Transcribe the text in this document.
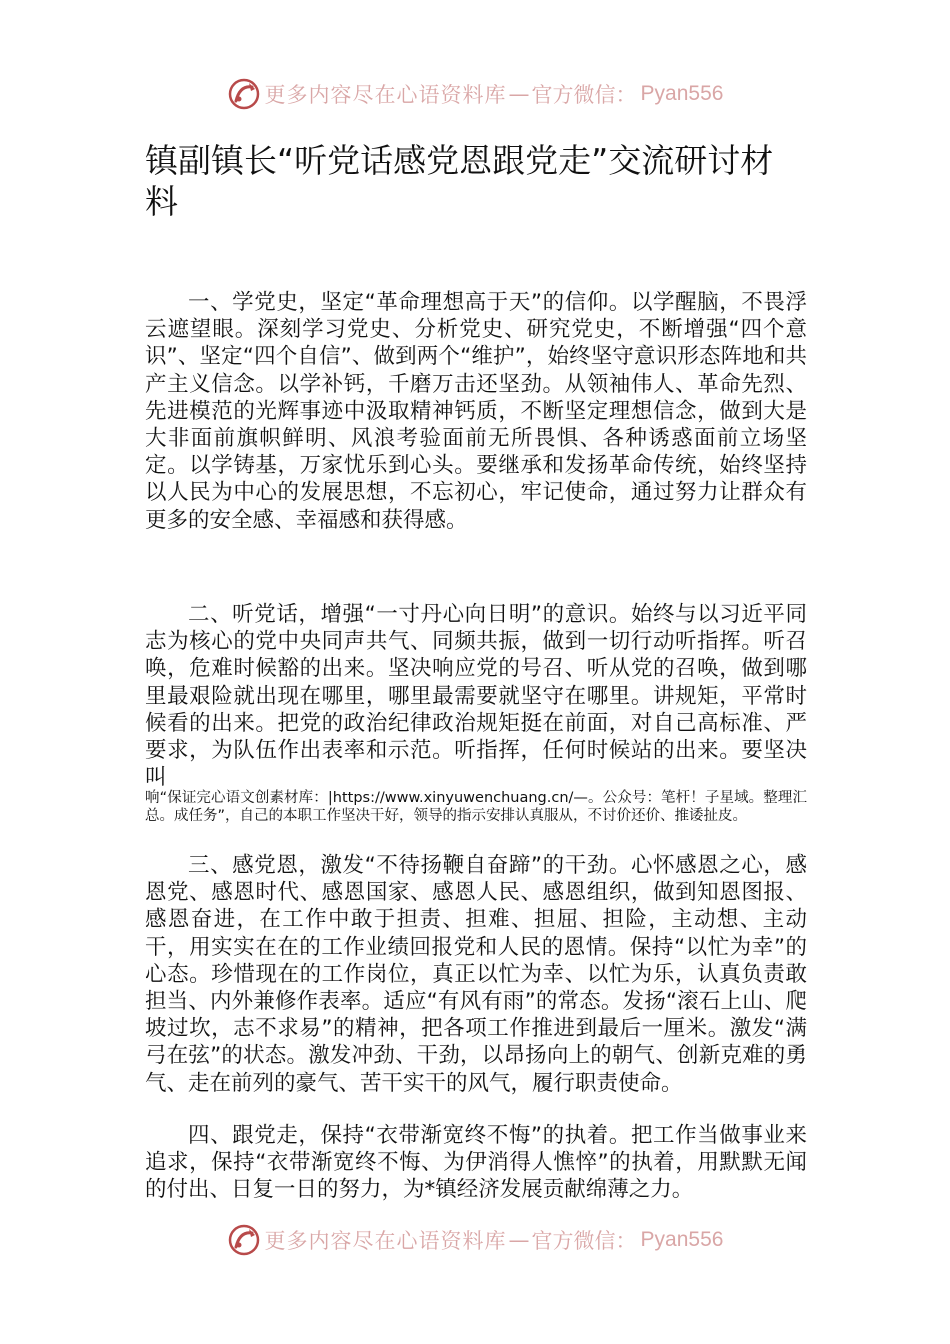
更多内容尽在心语资料库 — 官方微信： Pyan556
镇副镇长“听党话感党恩跟党走”交流研讨材料

一、学党史，坚定“革命理想高于天”的信仰。以学醒脑，不畏浮云遮望眼。深刻学习党史、分析党史、研究党史，不断增强“四个意识”、坚定“四个自信”、做到两个“维护”，始终坚守意识形态阵地和共产主义信念。以学补钙，千磨万击还坚劲。从领袖伟人、革命先烈、先进模范的光辉事迹中汲取精神钙质，不断坚定理想信念，做到大是大非面前旗帜鲜明、风浪考验面前无所畏惧、各种诱惑面前立场坚定。以学铸基，万家忧乐到心头。要继承和发扬革命传统，始终坚持以人民为中心的发展思想，不忘初心，牢记使命，通过努力让群众有更多的安全感、幸福感和获得感。

二、听党话，增强“一寸丹心向日明”的意识。始终与以习近平同志为核心的党中央同声共气、同频共振，做到一切行动听指挥。听召唤，危难时候豁的出来。坚决响应党的号召、听从党的召唤，做到哪里最艰险就出现在哪里，哪里最需要就坚守在哪里。讲规矩，平常时候看的出来。把党的政治纪律政治规矩挺在前面，对自己高标准、严要求，为队伍作出表率和示范。听指挥，任何时候站的出来。要坚决叫

响“保证完心语文创素材库：|https://www.xinyuwenchuang.cn/—。公众号：笔杆！子星域。整理汇总。成任务”，自己的本职工作坚决干好，领导的指示安排认真服从，不讨价还价、推诿扯皮。

三、感党恩，激发“不待扬鞭自奋蹄”的干劲。心怀感恩之心，感恩党、感恩时代、感恩国家、感恩人民、感恩组织，做到知恩图报、感恩奋进，在工作中敢于担责、担难、担屈、担险，主动想、主动干，用实实在在的工作业绩回报党和人民的恩情。保持“以忙为幸”的心态。珍惜现在的工作岗位，真正以忙为幸、以忙为乐，认真负责敢担当、内外兼修作表率。适应“有风有雨”的常态。发扬“滚石上山、爬坡过坎，志不求易”的精神，把各项工作推进到最后一厘米。激发“满弓在弦”的状态。激发冲劲、干劲，以昂扬向上的朝气、创新克难的勇气、走在前列的豪气、苦干实干的风气，履行职责使命。

四、跟党走，保持“衣带渐宽终不悔”的执着。把工作当做事业来追求，保持“衣带渐宽终不悔、为伊消得人憔悴”的执着，用默默无闻的付出、日复一日的努力，为*镇经济发展贡献绵薄之力。

更多内容尽在心语资料库 — 官方微信： Pyan556
